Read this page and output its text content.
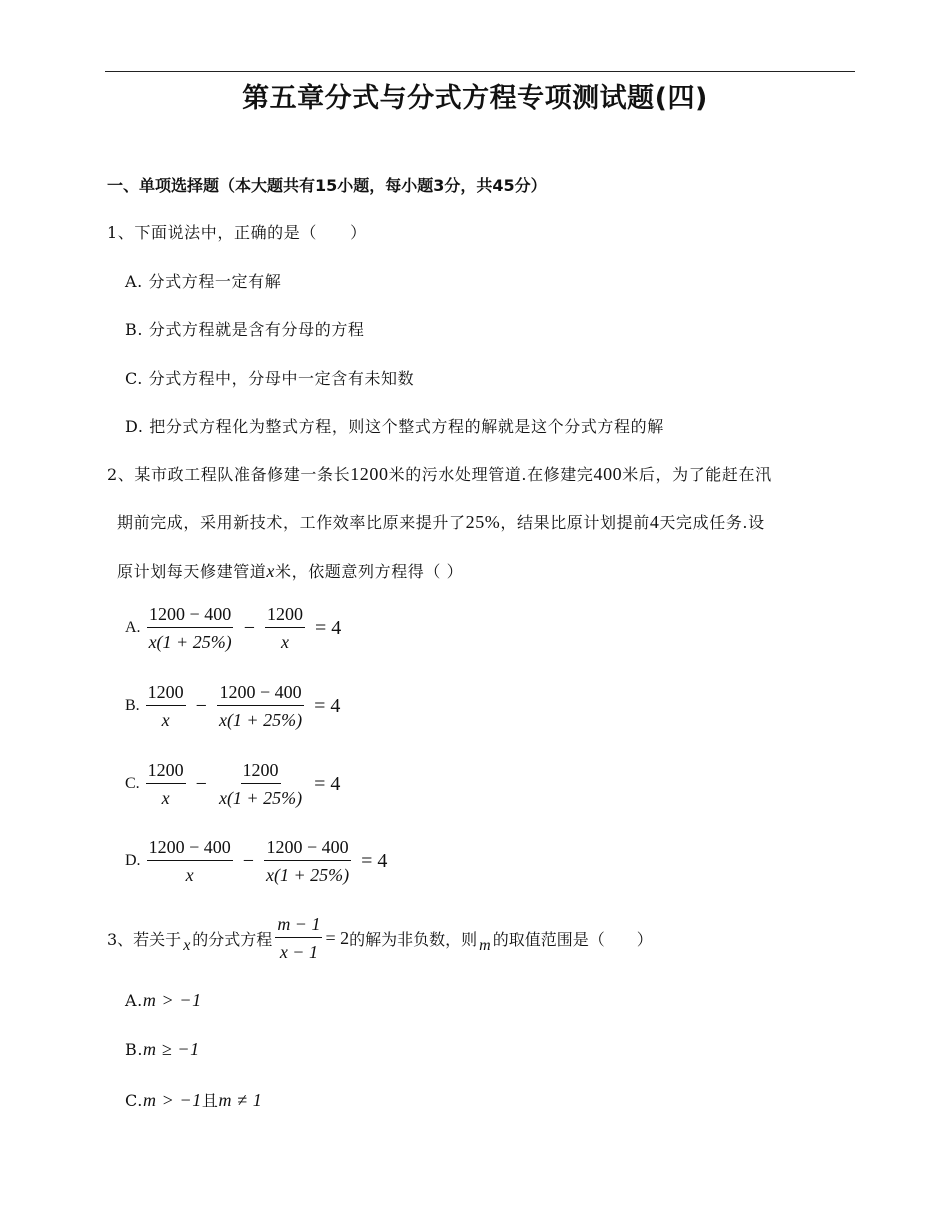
第五章分式与分式方程专项测试题(四)
一、单项选择题（本大题共有15小题，每小题3分，共45分）
1、下面说法中，正确的是（　　）
A. 分式方程一定有解
B. 分式方程就是含有分母的方程
C. 分式方程中，分母中一定含有未知数
D. 把分式方程化为整式方程，则这个整式方程的解就是这个分式方程的解
2、某市政工程队准备修建一条长1200米的污水处理管道.在修建完400米后，为了能赶在汛
期前完成，采用新技术，工作效率比原来提升了25%，结果比原计划提前4天完成任务.设
原计划每天修建管道x米，依题意列方程得（ ）
A. $\frac{1200 - 400}{x(1 + 25\%)} - \frac{1200}{x} = 4$
B. $\frac{1200}{x} - \frac{1200 - 400}{x(1 + 25\%)} = 4$
C. $\frac{1200}{x} - \frac{1200}{x(1 + 25\%)} = 4$
D. $\frac{1200 - 400}{x} - \frac{1200 - 400}{x(1 + 25\%)} = 4$
3、若关于 x 的分式方程 $\frac{m - 1}{x - 1} = 2$ 的解为非负数，则 m 的取值范围是（　　）
A.m > −1
B.m ≥ −1
C.m > −1且m ≠ 1
